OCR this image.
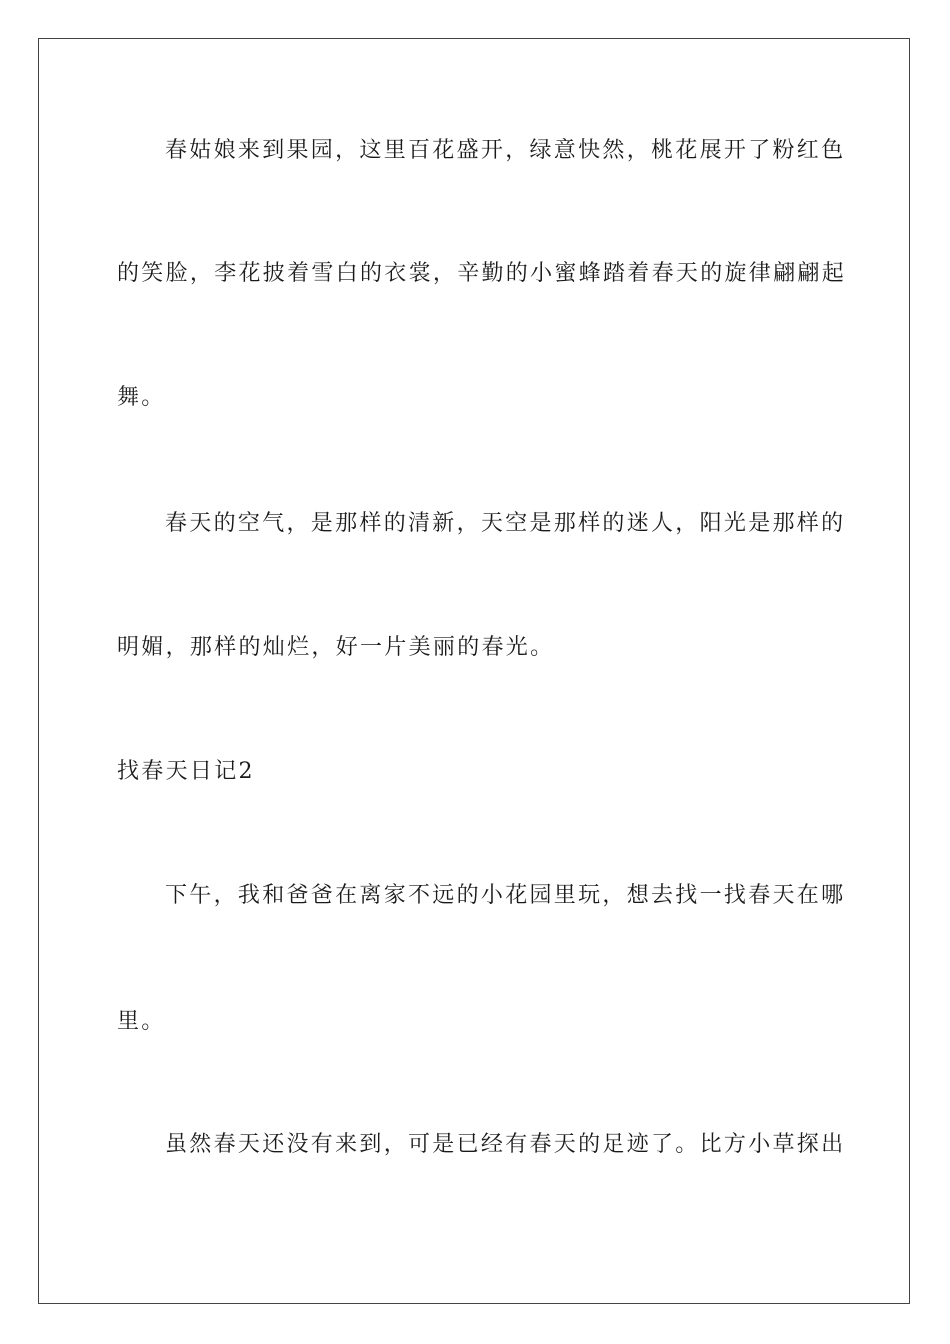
春姑娘来到果园，这里百花盛开，绿意快然，桃花展开了粉红色
的笑脸，李花披着雪白的衣裳，辛勤的小蜜蜂踏着春天的旋律翩翩起
舞。
春天的空气，是那样的清新，天空是那样的迷人，阳光是那样的
明媚，那样的灿烂，好一片美丽的春光。
找春天日记2
下午，我和爸爸在离家不远的小花园里玩，想去找一找春天在哪
里。
虽然春天还没有来到，可是已经有春天的足迹了。比方小草探出
